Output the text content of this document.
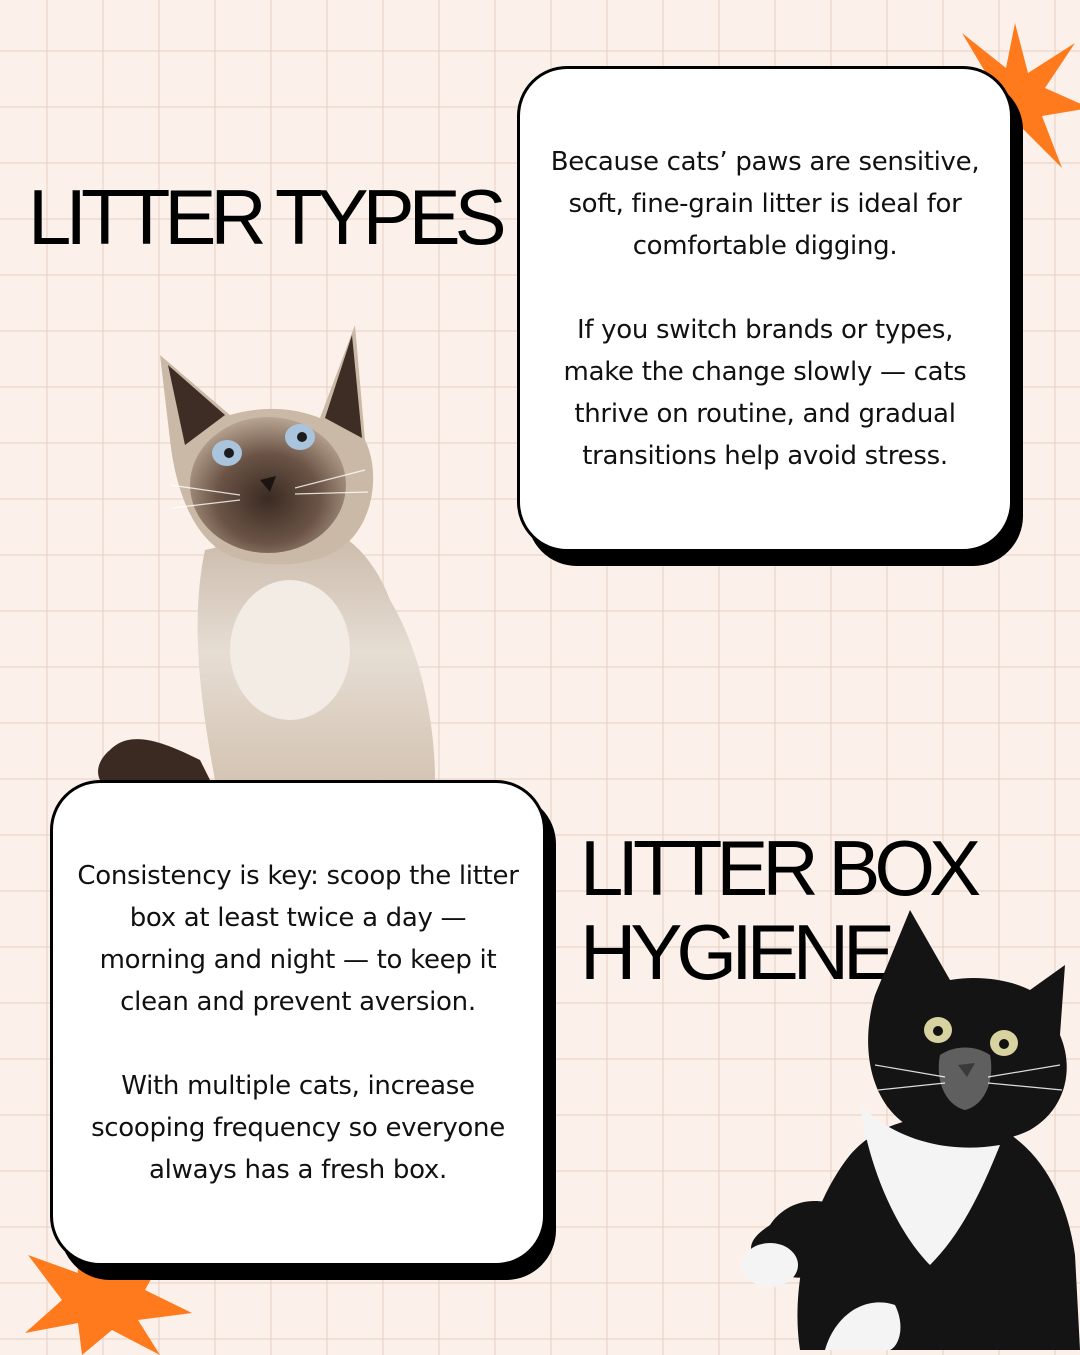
LITTER TYPES

Because cats’ paws are sensitive, soft, fine-grain litter is ideal for comfortable digging.

If you switch brands or types, make the change slowly — cats thrive on routine, and gradual transitions help avoid stress.

Consistency is key: scoop the litter box at least twice a day — morning and night — to keep it clean and prevent aversion.

With multiple cats, increase scooping frequency so everyone always has a fresh box.

LITTER BOX
HYGIENE
